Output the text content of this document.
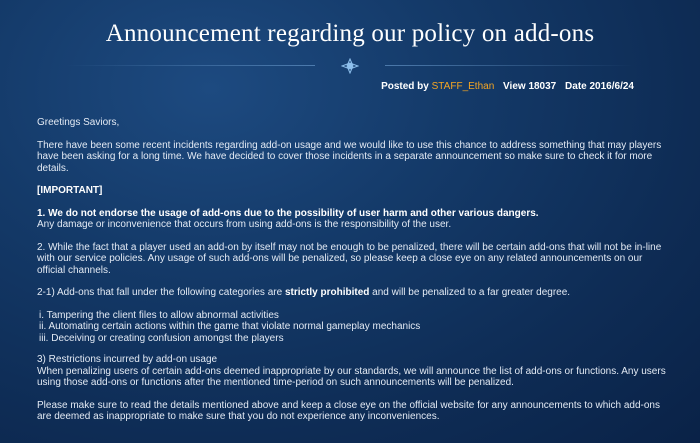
Announcement regarding our policy on add-ons
Posted by STAFF_Ethan View 18037 Date 2016/6/24

Greetings Saviors,

There have been some recent incidents regarding add-on usage and we would like to use this chance to address something that may players have been asking for a long time. We have decided to cover those incidents in a separate announcement so make sure to check it for more details.

[IMPORTANT]

1. We do not endorse the usage of add-ons due to the possibility of user harm and other various dangers.
Any damage or inconvenience that occurs from using add-ons is the responsibility of the user.

2. While the fact that a player used an add-on by itself may not be enough to be penalized, there will be certain add-ons that will not be in-line with our service policies. Any usage of such add-ons will be penalized, so please keep a close eye on any related announcements on our official channels.

2-1) Add-ons that fall under the following categories are strictly prohibited and will be penalized to a far greater degree.

i. Tampering the client files to allow abnormal activities
ii. Automating certain actions within the game that violate normal gameplay mechanics
iii. Deceiving or creating confusion amongst the players

3) Restrictions incurred by add-on usage
When penalizing users of certain add-ons deemed inappropriate by our standards, we will announce the list of add-ons or functions. Any users using those add-ons or functions after the mentioned time-period on such announcements will be penalized.

Please make sure to read the details mentioned above and keep a close eye on the official website for any announcements to which add-ons are deemed as inappropriate to make sure that you do not experience any inconveniences.
